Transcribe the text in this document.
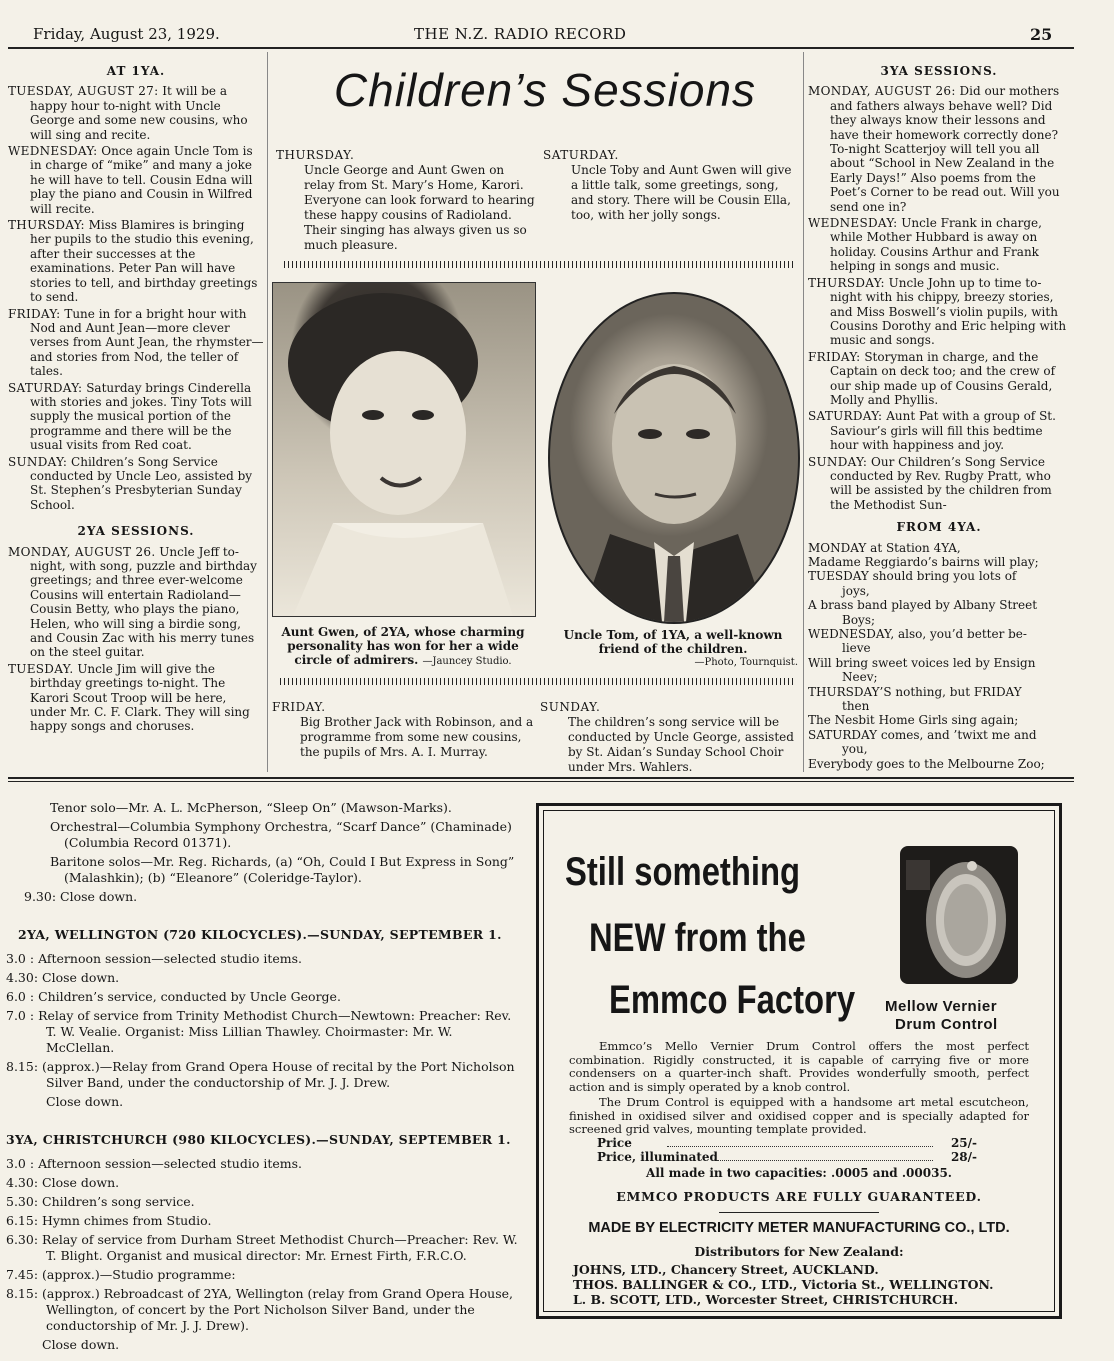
Friday, August 23, 1929.	THE N.Z. RADIO RECORD	25
Children’s Sessions
AT 1YA.
TUESDAY, AUGUST 27: It will be a happy hour to-night with Uncle George and some new cousins, who will sing and recite.
WEDNESDAY: Once again Uncle Tom is in charge of “mike” and many a joke he will have to tell. Cousin Edna will play the piano and Cousin in Wilfred will recite.
THURSDAY: Miss Blamires is bringing her pupils to the studio this evening, after their successes at the examinations. Peter Pan will have stories to tell, and birthday greetings to send.
FRIDAY: Tune in for a bright hour with Nod and Aunt Jean—more clever verses from Aunt Jean, the rhymster—and stories from Nod, the teller of tales.
SATURDAY: Saturday brings Cinderella with stories and jokes. Tiny Tots will supply the musical portion of the programme and there will be the usual visits from Red coat.
SUNDAY: Children’s Song Service conducted by Uncle Leo, assisted by St. Stephen’s Presbyterian Sunday School.
2YA SESSIONS.
MONDAY, AUGUST 26. Uncle Jeff to-night, with song, puzzle and birthday greetings; and three ever-welcome Cousins will entertain Radioland—Cousin Betty, who plays the piano, Helen, who will sing a birdie song, and Cousin Zac with his merry tunes on the steel guitar.
TUESDAY. Uncle Jim will give the birthday greetings to-night. The Karori Scout Troop will be here, under Mr. C. F. Clark. They will sing happy songs and choruses.
THURSDAY.
Uncle George and Aunt Gwen on relay from St. Mary’s Home, Karori. Everyone can look forward to hearing these happy cousins of Radioland. Their singing has always given us so much pleasure.
SATURDAY.
Uncle Toby and Aunt Gwen will give a little talk, some greetings, song, and story. There will be Cousin Ella, too, with her jolly songs.
Aunt Gwen, of 2YA, whose charming personality has won for her a wide circle of admirers. —Jauncey Studio.
Uncle Tom, of 1YA, a well-known friend of the children.
—Photo, Tournquist.
FRIDAY.
Big Brother Jack with Robinson, and a programme from some new cousins, the pupils of Mrs. A. I. Murray.
SUNDAY.
The children’s song service will be conducted by Uncle George, assisted by St. Aidan’s Sunday School Choir under Mrs. Wahlers.
3YA SESSIONS.
MONDAY, AUGUST 26: Did our mothers and fathers always behave well? Did they always know their lessons and have their homework correctly done? To-night Scatterjoy will tell you all about “School in New Zealand in the Early Days!” Also poems from the Poet’s Corner to be read out. Will you send one in?
WEDNESDAY: Uncle Frank in charge, while Mother Hubbard is away on holiday. Cousins Arthur and Frank helping in songs and music.
THURSDAY: Uncle John up to time to-night with his chippy, breezy stories, and Miss Boswell’s violin pupils, with Cousins Dorothy and Eric helping with music and songs.
FRIDAY: Storyman in charge, and the Captain on deck too; and the crew of our ship made up of Cousins Gerald, Molly and Phyllis.
SATURDAY: Aunt Pat with a group of St. Saviour’s girls will fill this bedtime hour with happiness and joy.
SUNDAY: Our Children’s Song Service conducted by Rev. Rugby Pratt, who will be assisted by the children from the Methodist Sun-
FROM 4YA.
MONDAY at Station 4YA,
Madame Reggiardo’s bairns will play;
TUESDAY should bring you lots of
joys,
A brass band played by Albany Street
Boys;
WEDNESDAY, also, you’d better be-
lieve
Will bring sweet voices led by Ensign
Neev;
THURSDAY’S nothing, but FRIDAY
then
The Nesbit Home Girls sing again;
SATURDAY comes, and ’twixt me and
you,
Everybody goes to the Melbourne Zoo;
Tenor solo—Mr. A. L. McPherson, “Sleep On” (Mawson-Marks).
Orchestral—Columbia Symphony Orchestra, “Scarf Dance” (Chaminade) (Columbia Record 01371).
Baritone solos—Mr. Reg. Richards, (a) “Oh, Could I But Express in Song” (Malashkin); (b) “Eleanore” (Coleridge-Taylor).
9.30: Close down.
2YA, WELLINGTON (720 KILOCYCLES).—SUNDAY, SEPTEMBER 1.
3.0 : Afternoon session—selected studio items.
4.30: Close down.
6.0 : Children’s service, conducted by Uncle George.
7.0 : Relay of service from Trinity Methodist Church—Newtown: Preacher: Rev. T. W. Vealie. Organist: Miss Lillian Thawley. Choirmaster: Mr. W. McClellan.
8.15: (approx.)—Relay from Grand Opera House of recital by the Port Nicholson Silver Band, under the conductorship of Mr. J. J. Drew.
Close down.
3YA, CHRISTCHURCH (980 KILOCYCLES).—SUNDAY, SEPTEMBER 1.
3.0 : Afternoon session—selected studio items.
4.30: Close down.
5.30: Children’s song service.
6.15: Hymn chimes from Studio.
6.30: Relay of service from Durham Street Methodist Church—Preacher: Rev. W. T. Blight. Organist and musical director: Mr. Ernest Firth, F.R.C.O.
7.45: (approx.)—Studio programme:
8.15: (approx.) Rebroadcast of 2YA, Wellington (relay from Grand Opera House, Wellington, of concert by the Port Nicholson Silver Band, under the conductorship of Mr. J. J. Drew).
Close down.
Still something
NEW from the
Emmco Factory Mellow Vernier
Drum Control
Emmco’s Mello Vernier Drum Control offers the most perfect combination. Rigidly constructed, it is capable of carrying five or more condensers on a quarter-inch shaft. Provides wonderfully smooth, perfect action and is simply operated by a knob control.
The Drum Control is equipped with a handsome art metal escutcheon, finished in oxidised silver and oxidised copper and is specially adapted for screened grid valves, mounting template provided.
Price	25/-
Price, illuminated	28/-
All made in two capacities: .0005 and .00035.
EMMCO PRODUCTS ARE FULLY GUARANTEED.
MADE BY ELECTRICITY METER MANUFACTURING CO., LTD.
Distributors for New Zealand:
JOHNS, LTD., Chancery Street, AUCKLAND.
THOS. BALLINGER & CO., LTD., Victoria St., WELLINGTON.
L. B. SCOTT, LTD., Worcester Street, CHRISTCHURCH.
